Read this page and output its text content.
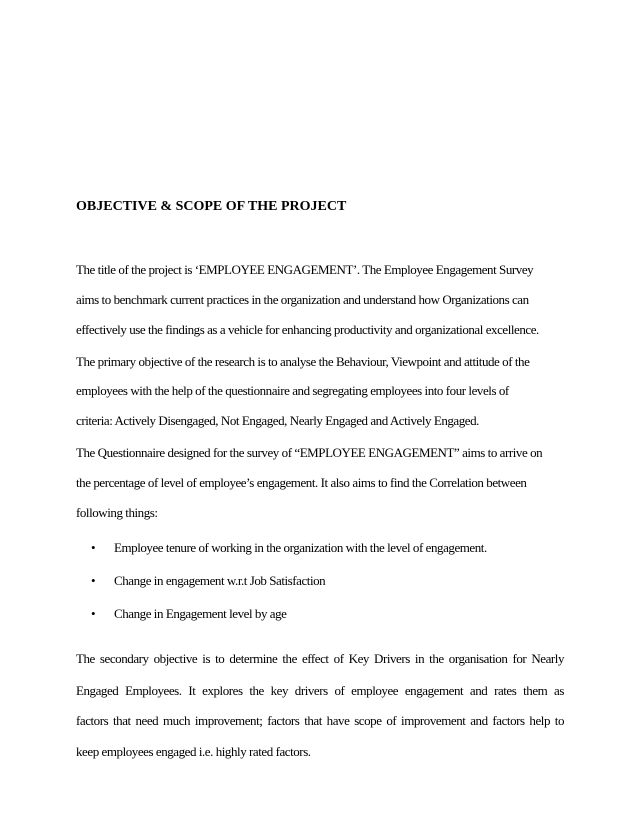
OBJECTIVE & SCOPE OF THE PROJECT
The title of the project is ‘EMPLOYEE ENGAGEMENT’. The Employee Engagement Survey
aims to benchmark current practices in the organization and understand how Organizations can
effectively use the findings as a vehicle for enhancing productivity and organizational excellence.
The primary objective of the research is to analyse the Behaviour, Viewpoint and attitude of the
employees with the help of the questionnaire and segregating employees into four levels of
criteria: Actively Disengaged, Not Engaged, Nearly Engaged and Actively Engaged.
The Questionnaire designed for the survey of “EMPLOYEE ENGAGEMENT” aims to arrive on
the percentage of level of employee’s engagement. It also aims to find the Correlation between
following things:
• Employee tenure of working in the organization with the level of engagement.
• Change in engagement w.r.t Job Satisfaction
• Change in Engagement level by age
The secondary objective is to determine the effect of Key Drivers in the organisation for Nearly
Engaged Employees. It explores the key drivers of employee engagement and rates them as
factors that need much improvement; factors that have scope of improvement and factors help to
keep employees engaged i.e. highly rated factors.
